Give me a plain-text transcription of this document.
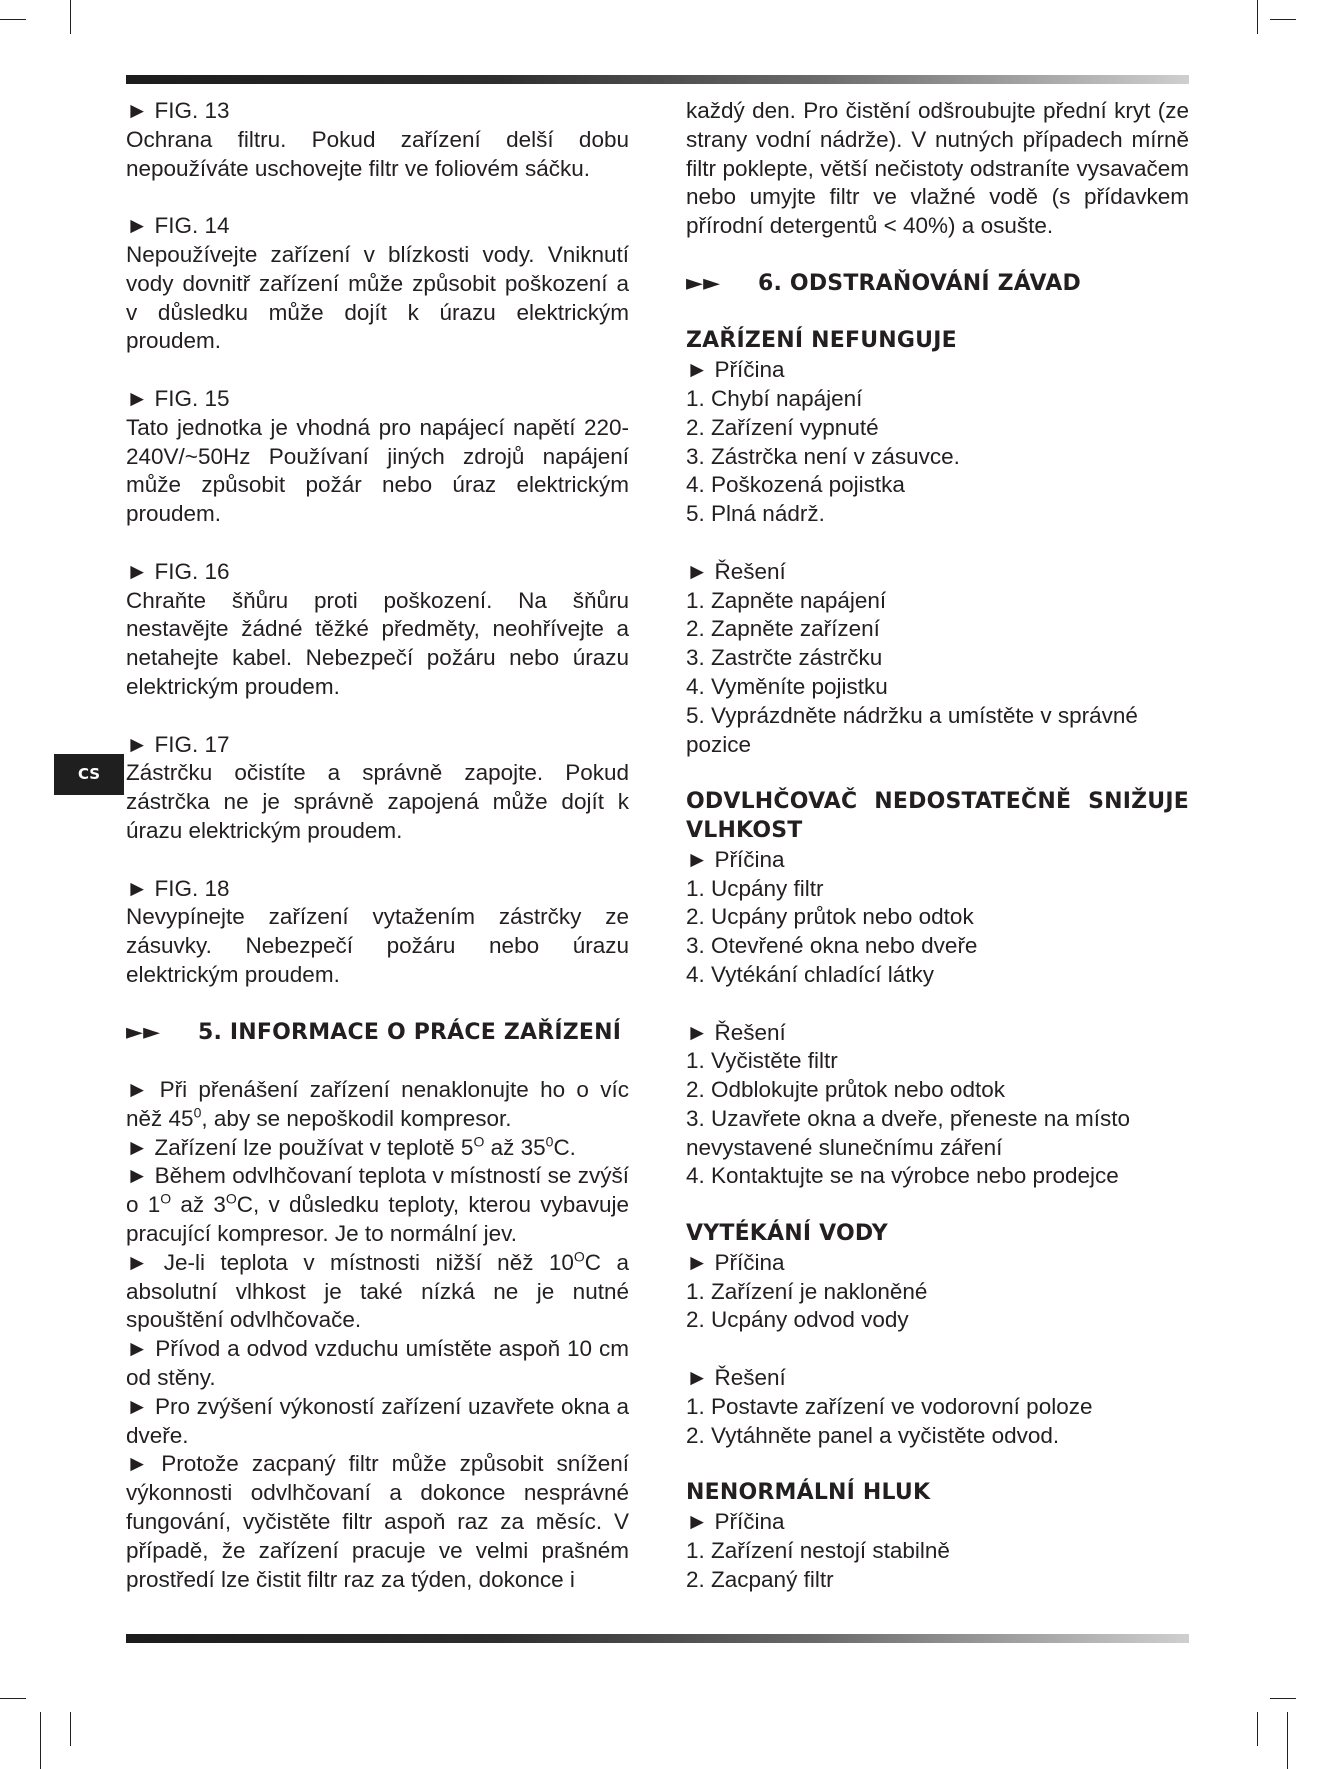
CS

► FIG. 13

Ochrana filtru. Pokud zařízení delší dobu nepoužíváte uschovejte filtr ve foliovém sáčku.

► FIG. 14

Nepoužívejte zařízení v blízkosti vody. Vniknutí vody dovnitř zařízení může způsobit poškození a v důsledku může dojít k úrazu elektrickým proudem.

► FIG. 15

Tato jednotka je vhodná pro napájecí napětí 220-240V/~50Hz Používaní jiných zdrojů napájení může způsobit požár nebo úraz elektrickým proudem.

► FIG. 16

Chraňte šňůru proti poškození. Na šňůru nestavějte žádné těžké předměty, neohřívejte a netahejte kabel. Nebezpečí požáru nebo úrazu elektrickým proudem.

► FIG. 17

Zástrčku očistíte a správně zapojte. Pokud zástrčka ne je správně zapojená může dojít k úrazu elektrickým proudem.

► FIG. 18

Nevypínejte zařízení vytažením zástrčky ze zásuvky. Nebezpečí požáru nebo úrazu elektrickým proudem.

►► 5. INFORMACE O PRÁCE ZAŘÍZENÍ

► Při přenášení zařízení nenaklonujte ho o víc něž $45^0$, aby se nepoškodil kompresor.

► Zařízení lze používat v teplotě $5^O$ až $35^0C$.

► Během odvlhčovaní teplota v místností se zvýší o $1^O$ až $3^OC$, v důsledku teploty, kterou vybavuje pracující kompresor. Je to normální jev.

► Je-li teplota v místnosti nižší něž $10^OC$ a absolutní vlhkost je také nízká ne je nutné spouštění odvlhčovače.

► Přívod a odvod vzduchu umístěte aspoň 10 cm od stěny.

► Pro zvýšení výkoností zařízení uzavřete okna a dveře.

► Protože zacpaný filtr může způsobit snížení výkonnosti odvlhčovaní a dokonce nesprávné fungování, vyčistěte filtr aspoň raz za měsíc. V případě, že zařízení pracuje ve velmi prašném prostředí lze čistit filtr raz za týden, dokonce i

každý den. Pro čistění odšroubujte přední kryt (ze strany vodní nádrže). V nutných případech mírně filtr poklepte, větší nečistoty odstraníte vysavačem nebo umyjte filtr ve vlažné vodě (s přídavkem přírodní detergentů < 40%) a osušte.

►► 6. ODSTRAŇOVÁNÍ ZÁVAD

ZAŘÍZENÍ NEFUNGUJE

► Příčina

1. Chybí napájení

2. Zařízení vypnuté

3. Zástrčka není v zásuvce.

4. Poškozená pojistka

5. Plná nádrž.

► Řešení

1. Zapněte napájení

2. Zapněte zařízení

3. Zastrčte zástrčku

4. Vyměníte pojistku

5. Vyprázdněte nádržku a umístěte v správné pozice

ODVLHČOVAČ NEDOSTATEČNĚ SNIŽUJE VLHKOST

► Příčina

1. Ucpány filtr

2. Ucpány průtok nebo odtok

3. Otevřené okna nebo dveře

4. Vytékání chladící látky

► Řešení

1. Vyčistěte filtr

2. Odblokujte průtok nebo odtok

3. Uzavřete okna a dveře, přeneste na místo nevystavené slunečnímu záření

4. Kontaktujte se na výrobce nebo prodejce

VYTÉKÁNÍ VODY

► Příčina

1. Zařízení je nakloněné

2. Ucpány odvod vody

► Řešení

1. Postavte zařízení ve vodorovní poloze

2. Vytáhněte panel a vyčistěte odvod.

NENORMÁLNÍ HLUK

► Příčina

1. Zařízení nestojí stabilně

2. Zacpaný filtr
